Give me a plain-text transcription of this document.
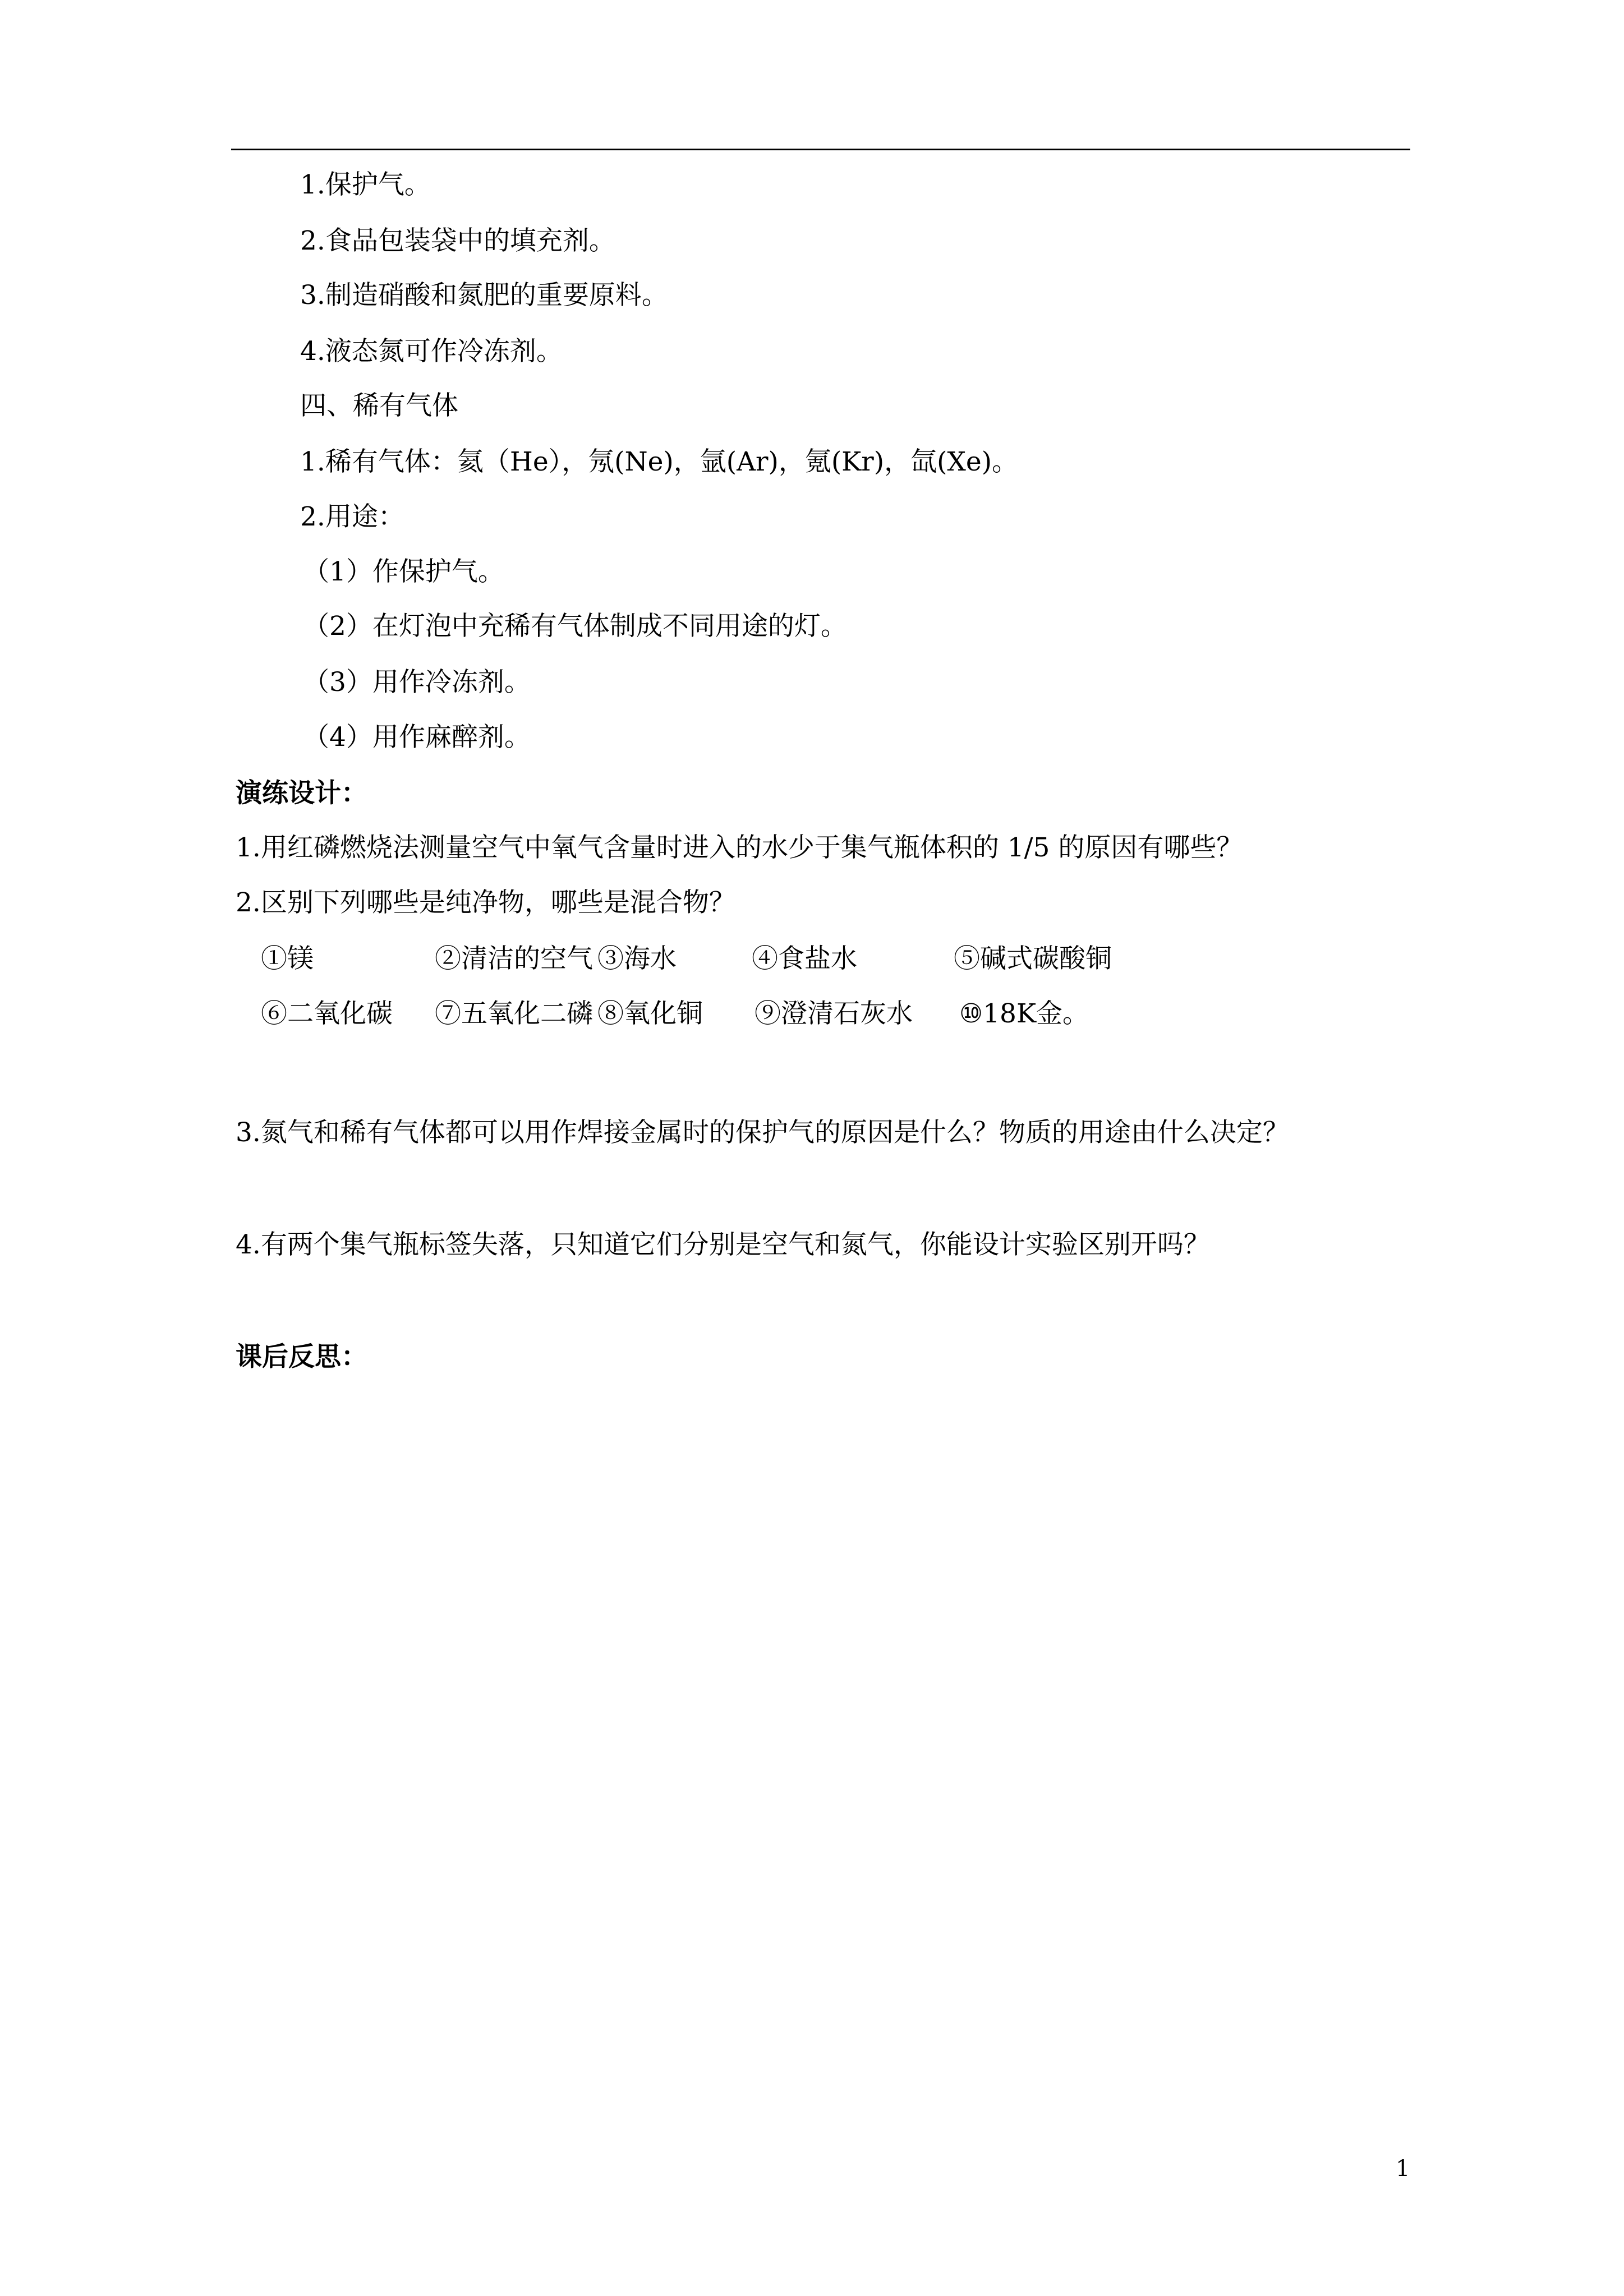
1.保护气。
2.食品包装袋中的填充剂。
3.制造硝酸和氮肥的重要原料。
4.液态氮可作冷冻剂。
四、稀有气体
1.稀有气体：氦（He），氖(Ne)，氩(Ar)，氪(Kr)，氙(Xe)。
2.用途：
（1）作保护气。
（2）在灯泡中充稀有气体制成不同用途的灯。
（3）用作冷冻剂。
（4）用作麻醉剂。
演练设计：
1.用红磷燃烧法测量空气中氧气含量时进入的水少于集气瓶体积的 1/5 的原因有哪些？
2.区别下列哪些是纯净物，哪些是混合物？
①镁	②清洁的空气 ③海水	④食盐水	⑤碱式碳酸铜
⑥二氧化碳 ⑦五氧化二磷 ⑧氧化铜 ⑨澄清石灰水 ⑩18K金。
3.氮气和稀有气体都可以用作焊接金属时的保护气的原因是什么？物质的用途由什么决定？
4.有两个集气瓶标签失落，只知道它们分别是空气和氮气，你能设计实验区别开吗？
课后反思：
1
